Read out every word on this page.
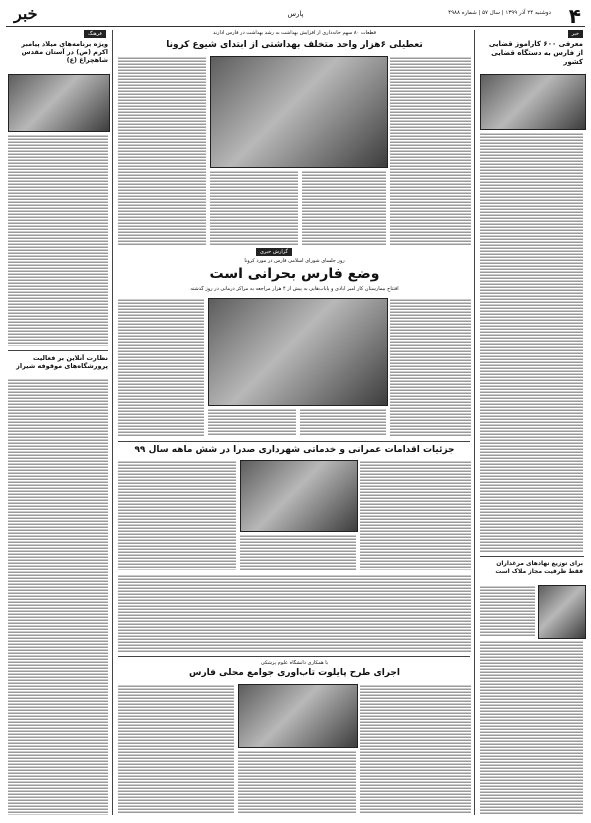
۴
دوشنبه ۲۴ آذر ۱۳۹۹ | سال ۵۷ | شماره ۴۹۸۸
پارس
خبر
خبر
معرفی ۶۰۰ کارآموز قضایی از فارس به دستگاه قضایی کشور
برای توزیع نهاد‌های مرغداران فقط ظرفیت مجاز ملاک است
قطعات ۸۰ سهم خانه‌داری از افزایش بهداشت به رشد بهداشت در فارس ادارند
تعطیلی ۶هزار واحد متخلف بهداشتی از ابتدای شیوع کرونا
گزارش خبری
روز جلسای شورای اسلامی فارس در مورد کرونا
وضع فارس بحرانی است
افتتاح بیمارستان کار امیر آبادی و پایاب‌هایی به پیش از ۴ هزار مراجعه به مراکز درمانی در روز گذشته
جزئیات اقدامات عمرانی و خدماتی شهرداری صدرا در شش ماهه سال ۹۹
با همکاری دانشگاه علوم پزشکی
اجرای طرح پایلوت تاب‌آوری جوامع محلی فارس
فرهنگ
ویژه برنامه‌های میلاد پیامبر اکرم (ص) در آستان مقدس شاهچراغ (ع)
نظارت آنلاین بر فعالیت پرورشگاه‌های موقوفه شیراز
